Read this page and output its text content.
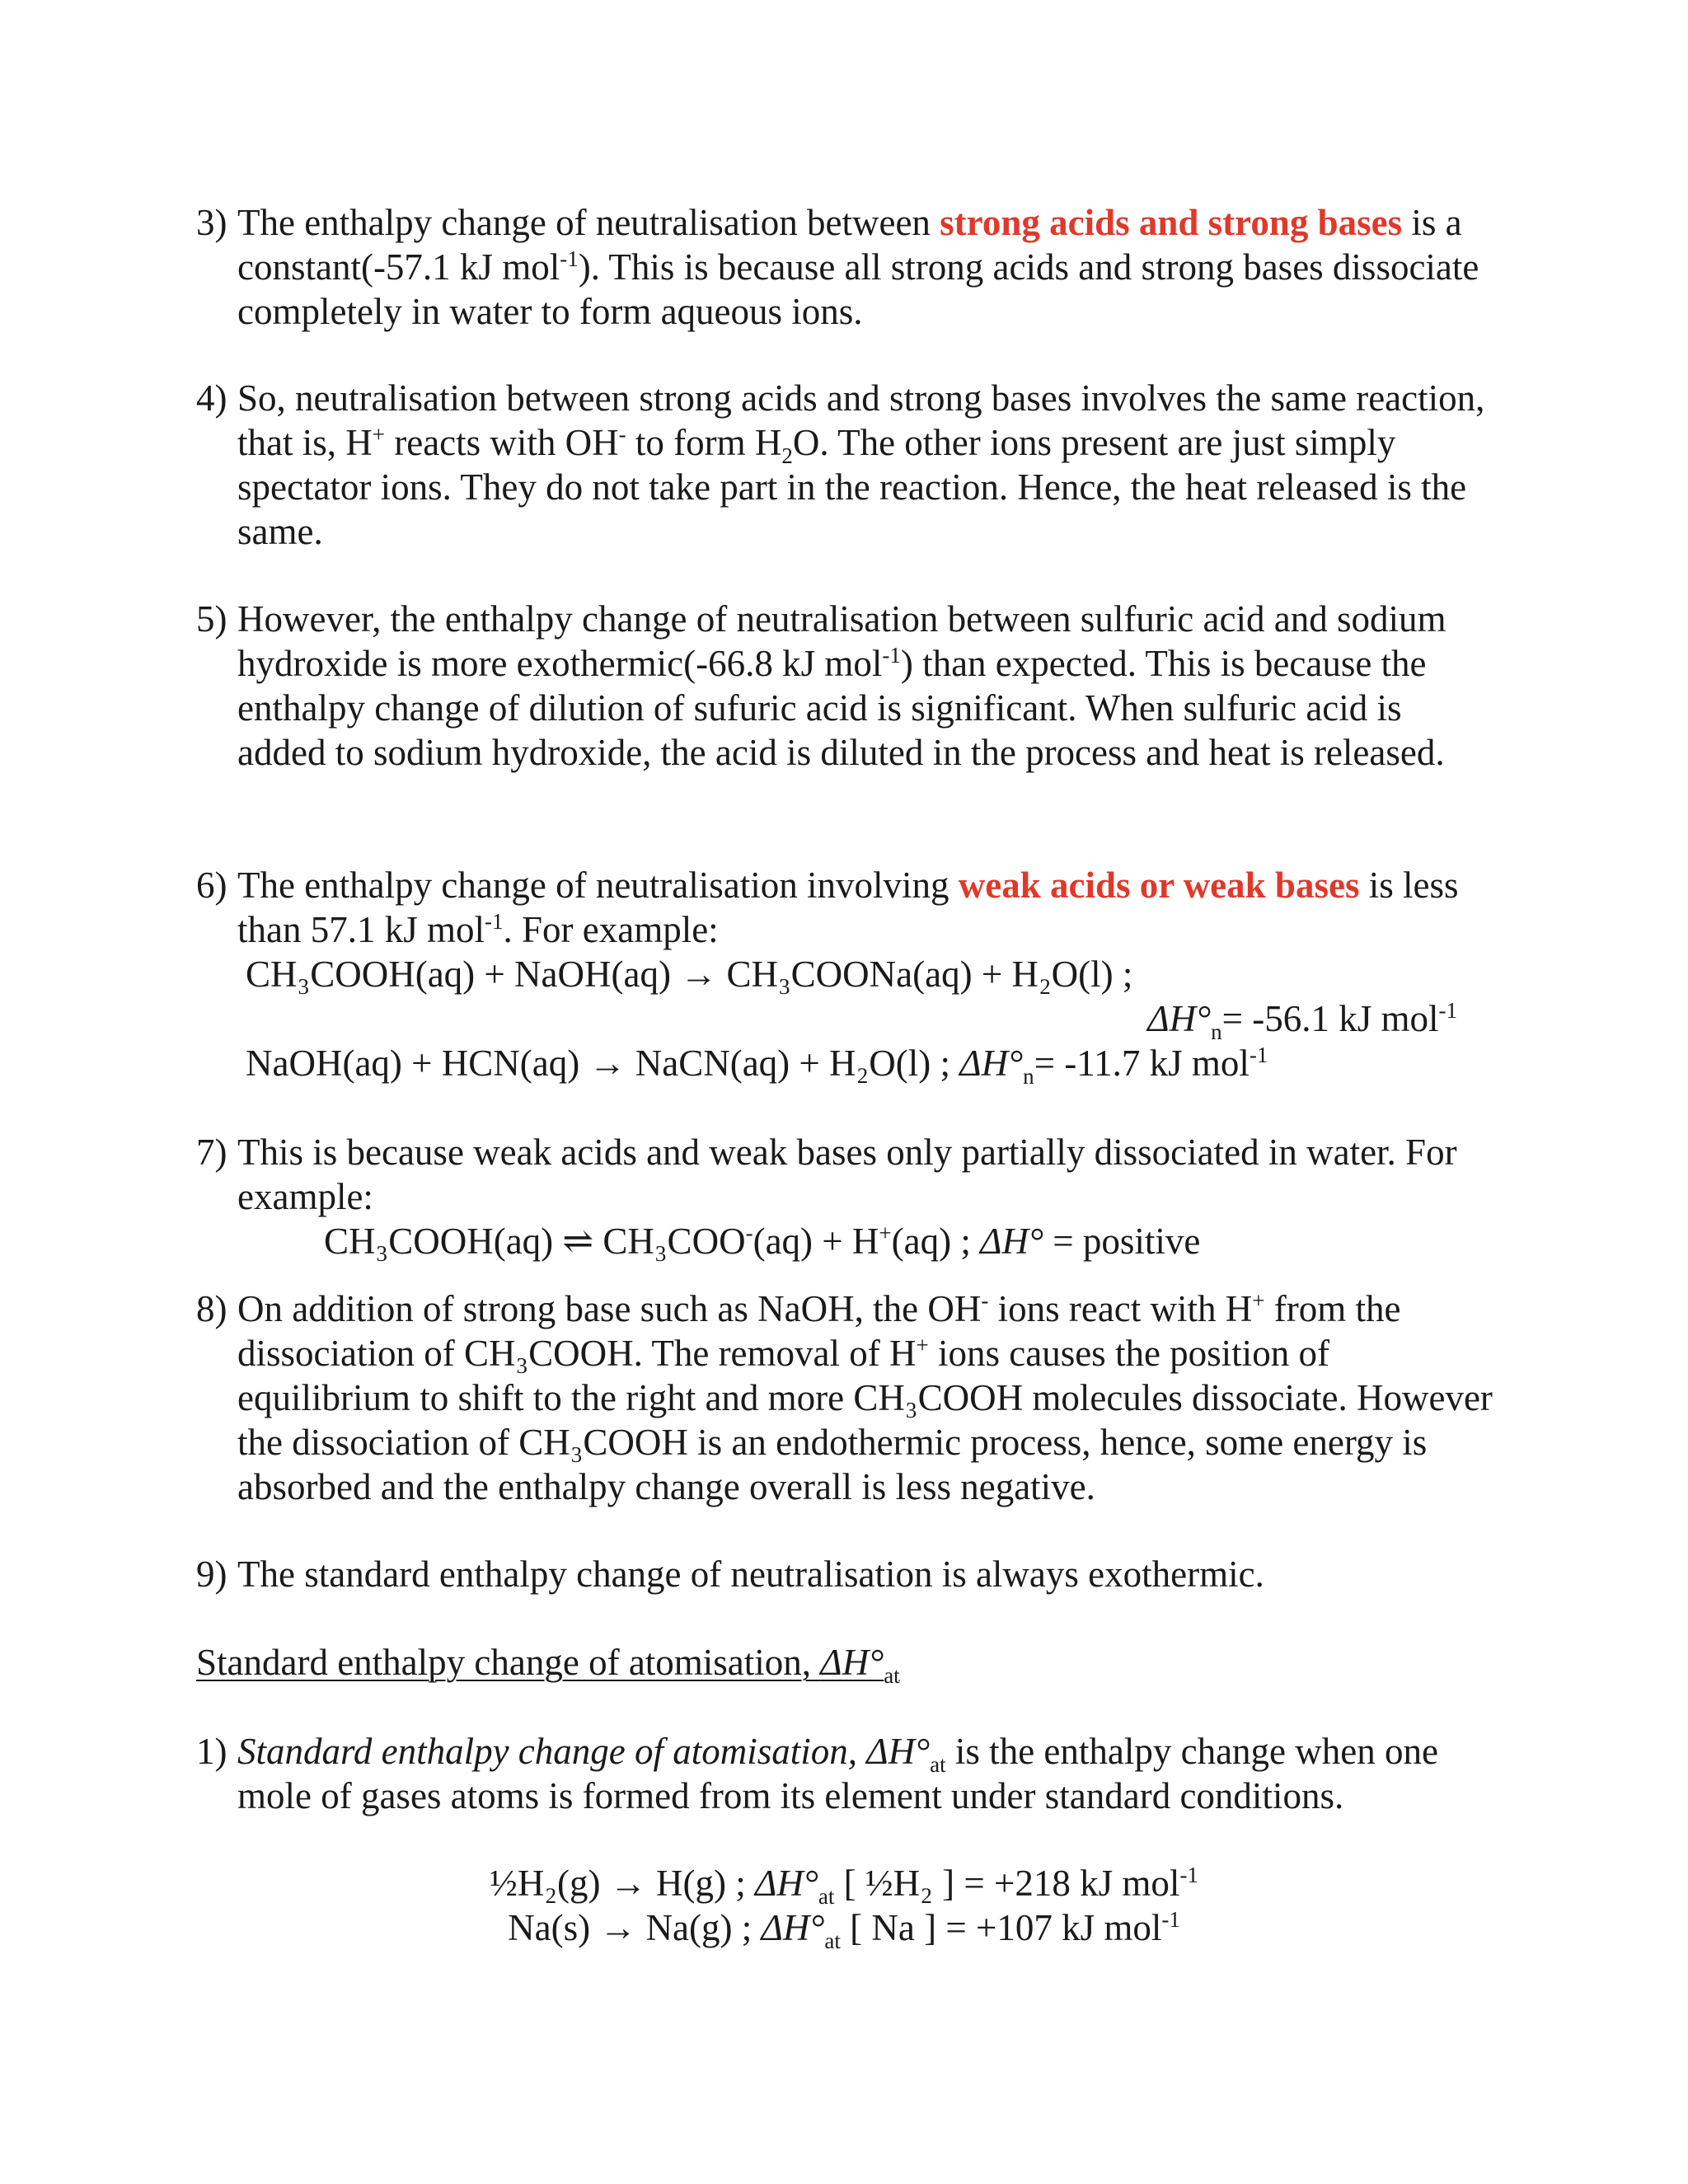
3) The enthalpy change of neutralisation between strong acids and strong bases is a constant(-57.1 kJ mol$^{-1}$). This is because all strong acids and strong bases dissociate completely in water to form aqueous ions.
4) So, neutralisation between strong acids and strong bases involves the same reaction, that is, H+ reacts with OH- to form $H_2O$. The other ions present are just simply spectator ions. They do not take part in the reaction. Hence, the heat released is the same.
5) However, the enthalpy change of neutralisation between sulfuric acid and sodium hydroxide is more exothermic(-66.8 kJ mol$^{-1}$) than expected. This is because the enthalpy change of dilution of sufuric acid is significant. When sulfuric acid is added to sodium hydroxide, the acid is diluted in the process and heat is released.
6) The enthalpy change of neutralisation involving weak acids or weak bases is less than 57.1 kJ mol$^{-1}$. For example:
CH₃COOH(aq) + NaOH(aq) → CH₃COONa(aq) + H₂O(l) ;
$\Delta H^\circ_n= -56.1$ kJ mol$^{-1}$
NaOH(aq) + HCN(aq) → NaCN(aq) + H₂O(l) ; $\Delta H^\circ_n= -11.7$ kJ mol$^{-1}$
7) This is because weak acids and weak bases only partially dissociated in water. For example:
CH₃COOH(aq) ⇌ CH₃COO-(aq) + H+(aq) ; ΔH° = positive
8) On addition of strong base such as NaOH, the OH- ions react with H+ from the dissociation of CH₃COOH. The removal of H+ ions causes the position of equilibrium to shift to the right and more CH₃COOH molecules dissociate. However the dissociation of CH₃COOH is an endothermic process, hence, some energy is absorbed and the enthalpy change overall is less negative.
9) The standard enthalpy change of neutralisation is always exothermic.
Standard enthalpy change of atomisation, $\Delta H^\circ_{at}$
1) Standard enthalpy change of atomisation, $\Delta H^\circ_{at}$ is the enthalpy change when one mole of gases atoms is formed from its element under standard conditions.
½H₂(g) → H(g) ; $\Delta H^\circ_{at}$ [ ½H₂ ] = +218 kJ mol$^{-1}$
Na(s) → Na(g) ; $\Delta H^\circ_{at}$ [ Na ] = +107 kJ mol$^{-1}$
